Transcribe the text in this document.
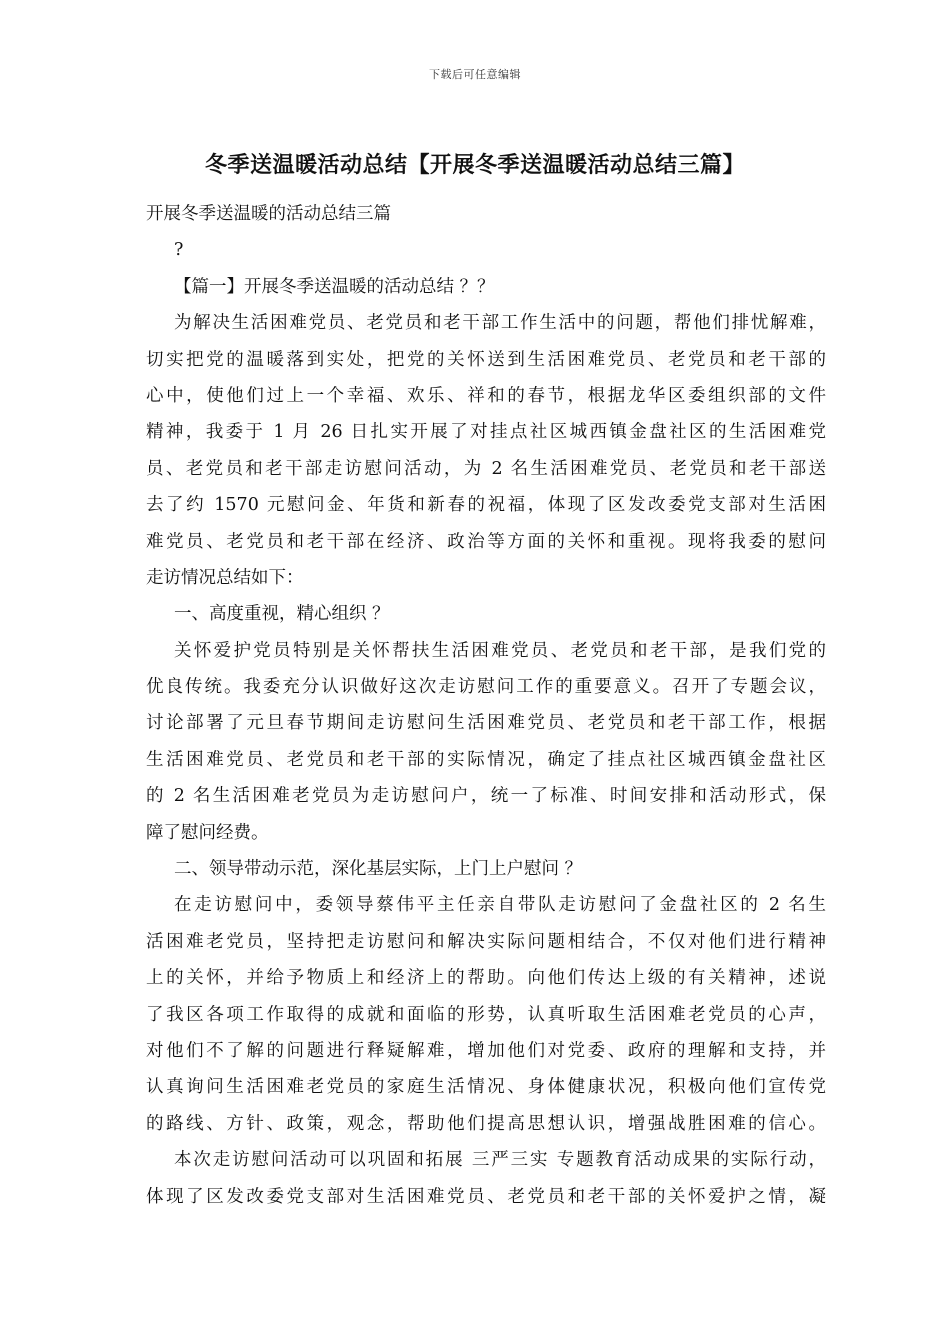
下载后可任意编辑
冬季送温暖活动总结【开展冬季送温暖活动总结三篇】
开展冬季送温暖的活动总结三篇
?
【篇一】开展冬季送温暖的活动总结 ？？
为解决生活困难党员、老党员和老干部工作生活中的问题，帮他们排忧解难，
切实把党的温暖落到实处，把党的关怀送到生活困难党员、老党员和老干部的
心中，使他们过上一个幸福、欢乐、祥和的春节，根据龙华区委组织部的文件
精神，我委于 1 月 26 日扎实开展了对挂点社区城西镇金盘社区的生活困难党
员、老党员和老干部走访慰问活动，为 2 名生活困难党员、老党员和老干部送
去了约 1570 元慰问金、年货和新春的祝福，体现了区发改委党支部对生活困
难党员、老党员和老干部在经济、政治等方面的关怀和重视。现将我委的慰问
走访情况总结如下：
一、高度重视，精心组织 ？
关怀爱护党员特别是关怀帮扶生活困难党员、老党员和老干部，是我们党的
优良传统。我委充分认识做好这次走访慰问工作的重要意义。召开了专题会议，
讨论部署了元旦春节期间走访慰问生活困难党员、老党员和老干部工作，根据
生活困难党员、老党员和老干部的实际情况，确定了挂点社区城西镇金盘社区
的 2 名生活困难老党员为走访慰问户，统一了标准、时间安排和活动形式，保
障了慰问经费。
二、领导带动示范，深化基层实际，上门上户慰问 ？
在走访慰问中，委领导蔡伟平主任亲自带队走访慰问了金盘社区的 2 名生
活困难老党员，坚持把走访慰问和解决实际问题相结合，不仅对他们进行精神
上的关怀，并给予物质上和经济上的帮助。向他们传达上级的有关精神，述说
了我区各项工作取得的成就和面临的形势，认真听取生活困难老党员的心声，
对他们不了解的问题进行释疑解难，增加他们对党委、政府的理解和支持，并
认真询问生活困难老党员的家庭生活情况、身体健康状况，积极向他们宣传党
的路线、方针、政策，观念，帮助他们提高思想认识，增强战胜困难的信心。
本次走访慰问活动可以巩固和拓展 三严三实 专题教育活动成果的实际行动，
体现了区发改委党支部对生活困难党员、老党员和老干部的关怀爱护之情，凝
